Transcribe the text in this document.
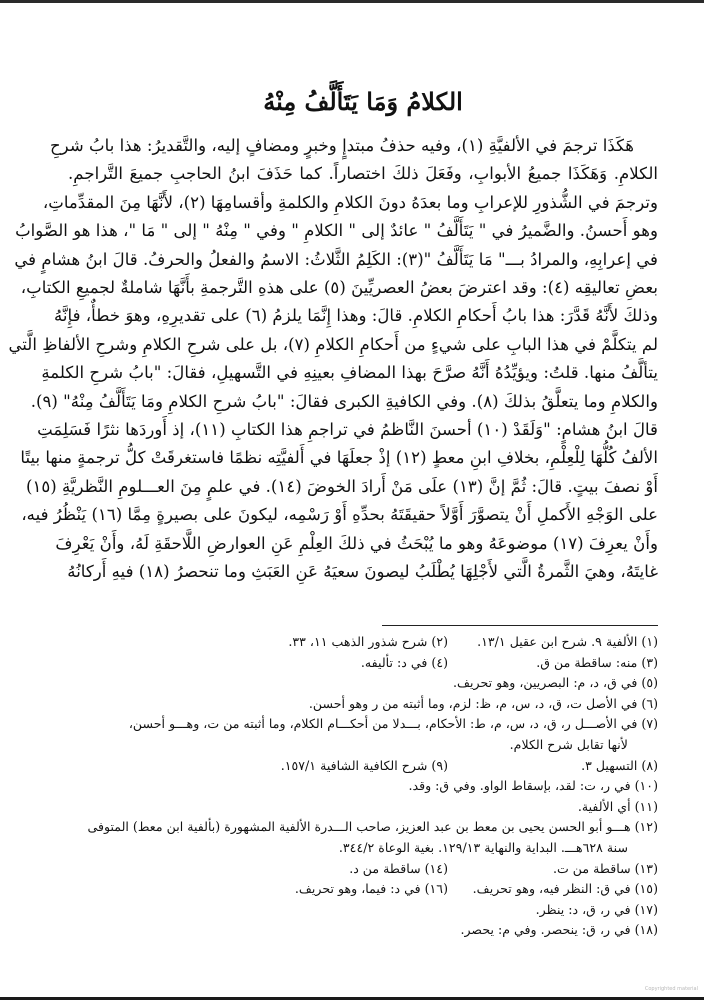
الكلامُ وَمَا يَتَأَلَّفُ مِنْهُ
هَكَذَا ترجمَ في الألفيَّةِ (١)، وفيه حذفُ مبتدإٍ وخبرٍ ومضافٍ إليه، والتَّقديرُ: هذا بابُ شرحِ
الكلامِ. وَهَكَذَا جميعُ الأبوابِ، وفَعَلَ ذلكَ اختصاراً. كما حَذَفَ ابنُ الحاجبِ جميعَ التَّراجمِ.
وترجمَ في الشُّذورِ للإعرابِ وما بعدَهُ دونَ الكلامِ والكلمةِ وأقسامِهَا (٢)، لأَنَّهَا مِنَ المقدِّماتِ،
وهو أَحسنُ. والضَّميرُ في " يَتَأَلَّفُ " عائدٌ إلى " الكلامِ " وفي " مِنْهُ " إلى " مَا "، هذا هو الصَّوابُ
في إعرابِهِ، والمرادُ بـــ" مَا يَتَأَلَّفُ "(٣): الكَلِمُ الثَّلاثُ: الاسمُ والفعلُ والحرفُ. قالَ ابنُ هشامٍ في
بعضِ تعاليقِه (٤): وقد اعترضَ بعضُ العصريِّينَ (٥) على هذهِ التَّرجمةِ بأَنَّهَا شاملةٌ لجميعِ الكتابِ،
وذلكَ لأَنَّهُ قَدَّرَ: هذا بابُ أَحكامِ الكلامِ. قالَ: وهذا إِنَّمَا يلزمُ (٦) على تقديرِهِ، وهوَ خطأٌ، فإِنَّهُ
لم يتكلَّمْ في هذا البابِ على شيءٍ من أَحكامِ الكلامِ (٧)، بل على شرحِ الكلامِ وشرحِ الألفاظِ الَّتي
يتألَّفُ منها. قلتُ: ويؤيِّدُهُ أَنَّهُ صرَّحَ بهذا المضافِ بعينِهِ في التَّسهيلِ، فقالَ: "بابُ شرحِ الكلمةِ
والكلامِ وما يتعلَّقُ بذلكَ (٨). وفي الكافيةِ الكبرى فقالَ: "بابُ شرحِ الكلامِ ومَا يَتَأَلَّفُ مِنْهُ" (٩).
قالَ ابنُ هشامٍ: "وَلَقَدْ (١٠) أحسنَ النَّاظمُ في تراجمِ هذا الكتابِ (١١)، إذ أَوردَها نثرًا فَسَلِمَتِ
الألفُ كُلُّهَا لِلْعِلْمِ، بخلافِ ابنِ معطٍ (١٢) إذْ جعلَهَا في أَلفيَّتِه نظمًا فاستغرقَتْ كلُّ ترجمةٍ منها بيتًا
أَوْ نصفَ بيتٍ. قالَ: ثُمَّ إنَّ (١٣) علَى مَنْ أَرادَ الخوضَ (١٤). في علمٍ مِنَ العـــلومِ النَّظريَّةِ (١٥)
على الوَجْهِ الأَكملِ أَنْ يتصوَّرَ أَوَّلاً حقيقَتَهُ بحدِّهِ أَوْ رَسْمِه، ليكونَ على بصيرةٍ مِمَّا (١٦) يَنْظُرُ فيه،
وأَنْ يعرِفَ (١٧) موضوعَهُ وهو ما يُبْحَثُ في ذلكَ العِلْمِ عَنِ العوارضِ اللَّاحقَةِ لَهُ، وأَنْ يَعْرِفَ
غايتَهُ، وهيَ الثَّمرةُ الَّتي لأَجْلِهَا يُطْلَبُ ليصونَ سعيَهُ عَنِ العَبَثِ وما تنحصرُ (١٨) فيهِ أَركانُهُ
(١) الألفية ٩. شرح ابن عقيل ١٣/١.
(٢) شرح شذور الذهب ١١، ٣٣.
(٣) منه: ساقطة من ق.
(٤) في د: تأليفه.
(٥) في ق، د، م: البصريين، وهو تحريف.
(٦) في الأصل ت، ق، د، س، م، ظ: لزم، وما أثبته من ر وهو أحسن.
(٧) في الأصـــل ر، ق، د، س، م، ط: الأحكام، بـــدلا من أحكـــام الكلام، وما أثبته من ت، وهـــو أحسن،
لأنها تقابل شرح الكلام.
(٨) التسهيل ٣.
(٩) شرح الكافية الشافية ١٥٧/١.
(١٠) في ر، ت: لقد، بإسقاط الواو. وفي ق: وقد.
(١١) أي الألفية.
(١٢) هـــو أبو الحسن يحيى بن معط بن عبد العزيز، صاحب الـــدرة الألفية المشهورة (بألفية ابن معط) المتوفى
سنة ٦٢٨هـــ. البداية والنهاية ١٢٩/١٣. بغية الوعاة ٣٤٤/٢.
(١٣) ساقطة من ت.
(١٤) ساقطة من د.
(١٥) في ق: النظر فيه، وهو تحريف.
(١٦) في د: فيما، وهو تحريف.
(١٧) في ر، ق، د: ينظر.
(١٨) في ر، ق: ينحصر. وفي م: يحصر.
Copyrighted material
